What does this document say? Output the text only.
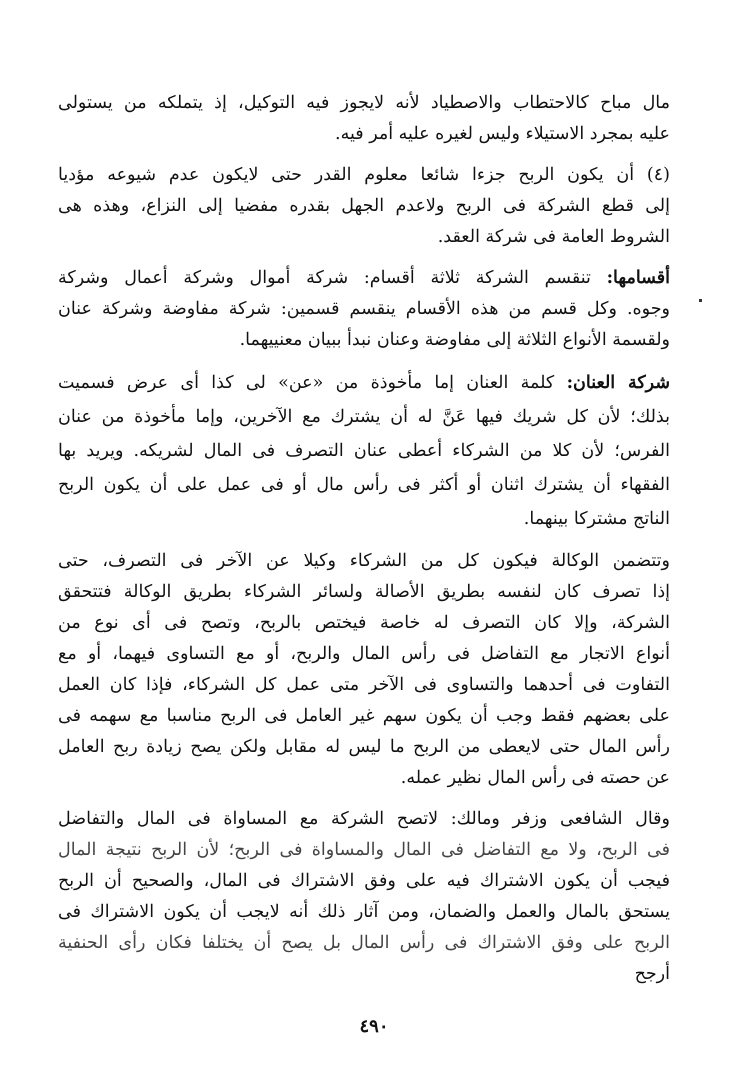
مال مباح كالاحتطاب والاصطياد لأنه لايجوز فيه التوكيل، إذ يتملكه من يستولى
عليه بمجرد الاستيلاء وليس لغيره عليه أمر فيه.

(٤) أن يكون الربح جزءا شائعا معلوم القدر حتى لايكون عدم شيوعه مؤديا
إلى قطع الشركة فى الربح ولاعدم الجهل بقدره مفضيا إلى النزاع، وهذه هى
الشروط العامة فى شركة العقد.

أقسامها: تنقسم الشركة ثلاثة أقسام: شركة أموال وشركة أعمال وشركة
وجوه. وكل قسم من هذه الأقسام ينقسم قسمين: شركة مفاوضة وشركة عنان
ولقسمة الأنواع الثلاثة إلى مفاوضة وعنان نبدأ ببيان معنييهما.

شركة العنان: كلمة العنان إما مأخوذة من «عن» لى كذا أى عرض فسميت
بذلك؛ لأن كل شريك فيها عَنَّ له أن يشترك مع الآخرين، وإما مأخوذة من عنان
الفرس؛ لأن كلا من الشركاء أعطى عنان التصرف فى المال لشريكه. ويريد بها
الفقهاء أن يشترك اثنان أو أكثر فى رأس مال أو فى عمل على أن يكون الربح
الناتج مشتركا بينهما.

وتتضمن الوكالة فيكون كل من الشركاء وكيلا عن الآخر فى التصرف، حتى
إذا تصرف كان لنفسه بطريق الأصالة ولسائر الشركاء بطريق الوكالة فتتحقق
الشركة، وإلا كان التصرف له خاصة فيختص بالربح، وتصح فى أى نوع من
أنواع الاتجار مع التفاضل فى رأس المال والربح، أو مع التساوى فيهما، أو مع
التفاوت فى أحدهما والتساوى فى الآخر متى عمل كل الشركاء، فإذا كان العمل
على بعضهم فقط وجب أن يكون سهم غير العامل فى الربح مناسبا مع سهمه فى
رأس المال حتى لايعطى من الربح ما ليس له مقابل ولكن يصح زيادة ربح العامل
عن حصته فى رأس المال نظير عمله.

وقال الشافعى وزفر ومالك: لاتصح الشركة مع المساواة فى المال والتفاضل
فى الربح، ولا مع التفاضل فى المال والمساواة فى الربح؛ لأن الربح نتيجة المال
فيجب أن يكون الاشتراك فيه على وفق الاشتراك فى المال، والصحيح أن الربح
يستحق بالمال والعمل والضمان، ومن آثار ذلك أنه لايجب أن يكون الاشتراك فى
الربح على وفق الاشتراك فى رأس المال بل يصح أن يختلفا فكان رأى الحنفية
أرجح

٤٩٠
